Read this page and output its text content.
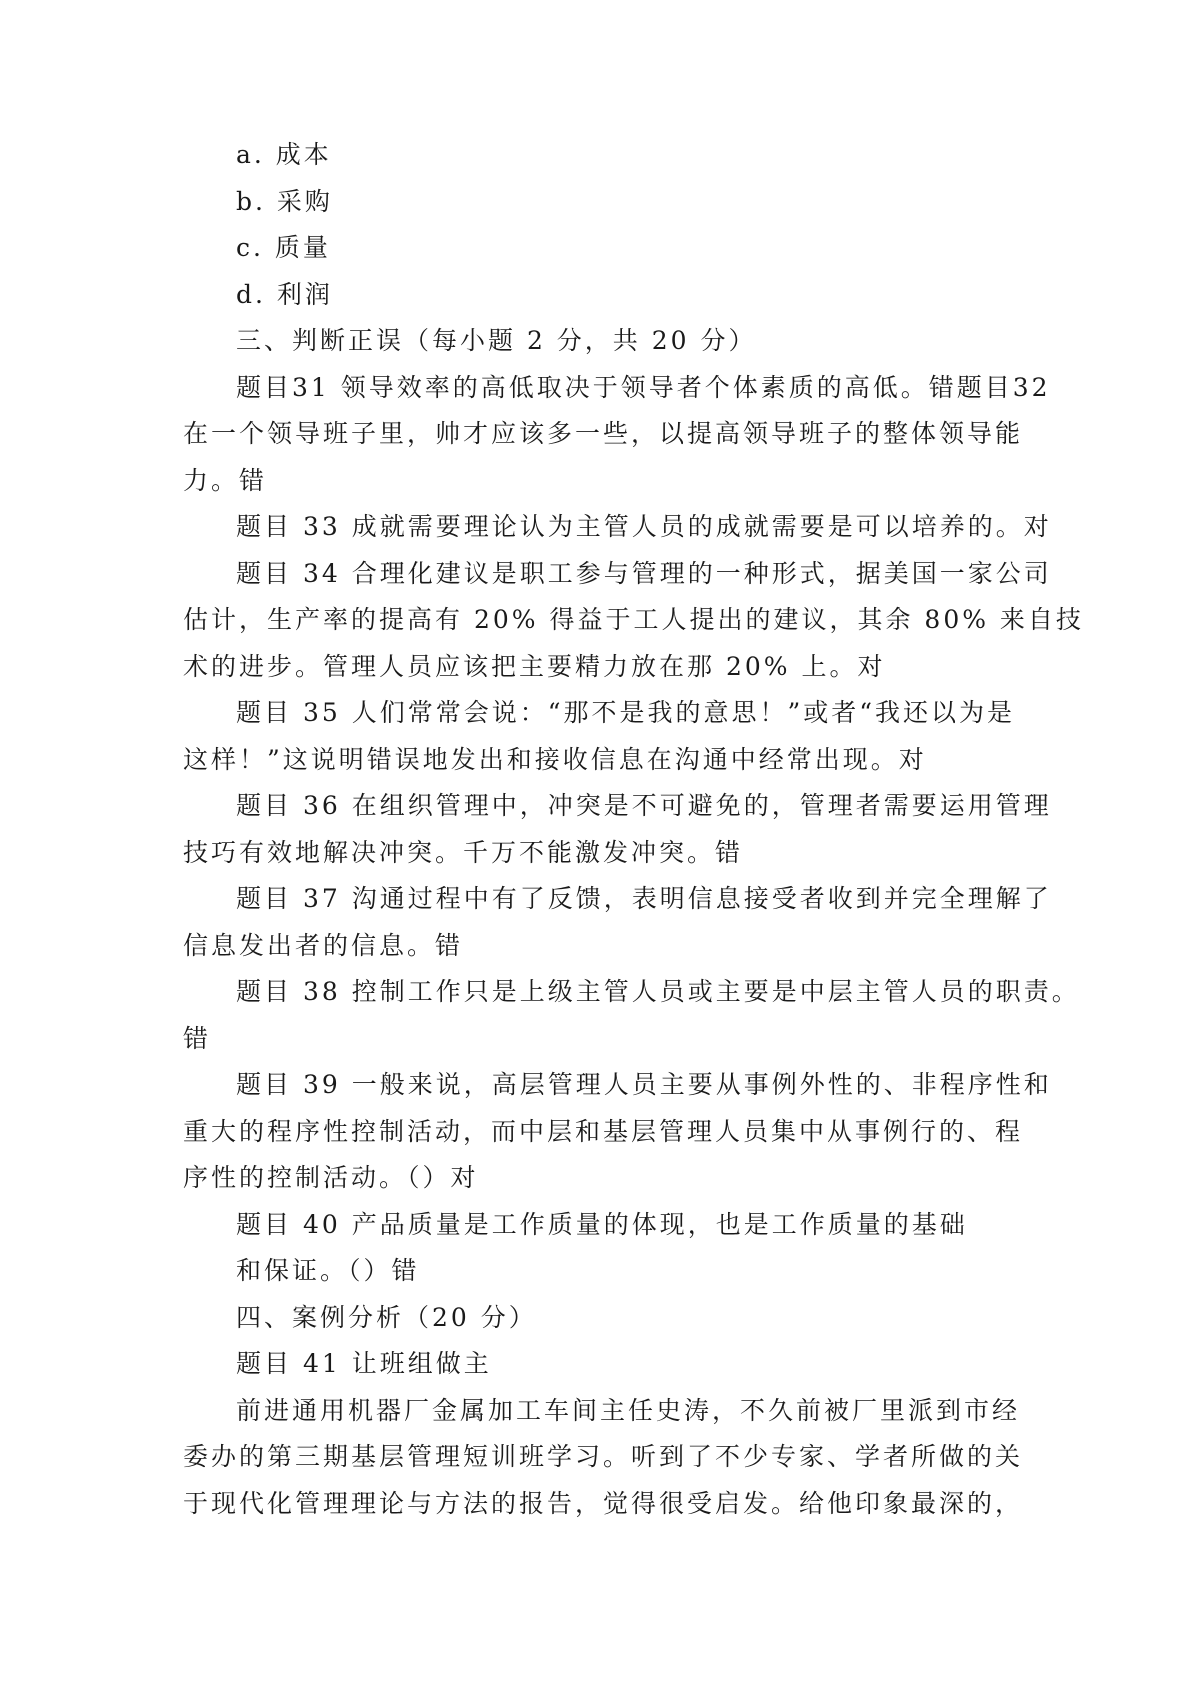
a. 成本
b. 采购
c. 质量
d. 利润
三、判断正误（每小题 2 分，共 20 分）
题目31 领导效率的高低取决于领导者个体素质的高低。错题目32
在一个领导班子里，帅才应该多一些，以提高领导班子的整体领导能
力。错
题目 33 成就需要理论认为主管人员的成就需要是可以培养的。对
题目 34 合理化建议是职工参与管理的一种形式，据美国一家公司
估计，生产率的提高有 20% 得益于工人提出的建议，其余 80% 来自技
术的进步。管理人员应该把主要精力放在那 20% 上。对
题目 35 人们常常会说：“那不是我的意思！”或者“我还以为是
这样！”这说明错误地发出和接收信息在沟通中经常出现。对
题目 36 在组织管理中，冲突是不可避免的，管理者需要运用管理
技巧有效地解决冲突。千万不能激发冲突。错
题目 37 沟通过程中有了反馈，表明信息接受者收到并完全理解了
信息发出者的信息。错
题目 38 控制工作只是上级主管人员或主要是中层主管人员的职责。
错
题目 39 一般来说，高层管理人员主要从事例外性的、非程序性和
重大的程序性控制活动，而中层和基层管理人员集中从事例行的、程
序性的控制活动。（）对
题目 40 产品质量是工作质量的体现，也是工作质量的基础
和保证。（）错
四、案例分析（20 分）
题目 41 让班组做主
前进通用机器厂金属加工车间主任史涛，不久前被厂里派到市经
委办的第三期基层管理短训班学习。听到了不少专家、学者所做的关
于现代化管理理论与方法的报告，觉得很受启发。给他印象最深的，
